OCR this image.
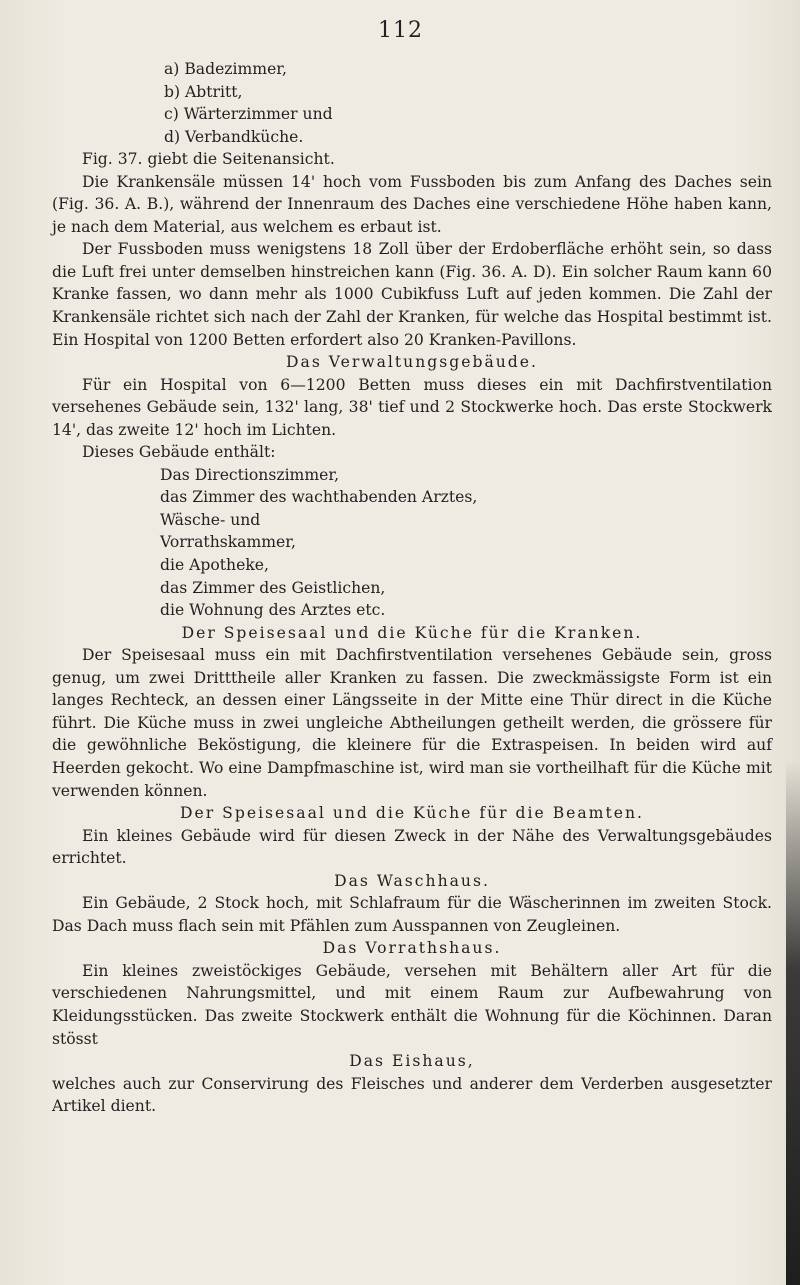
112

a) Badezimmer,

b) Abtritt,

c) Wärterzimmer und

d) Verbandküche.

Fig. 37. giebt die Seitenansicht.

Die Krankensäle müssen 14' hoch vom Fussboden bis zum Anfang des Daches sein (Fig. 36. A. B.), während der Innenraum des Daches eine verschiedene Höhe haben kann, je nach dem Material, aus welchem es erbaut ist.

Der Fussboden muss wenigstens 18 Zoll über der Erdoberfläche erhöht sein, so dass die Luft frei unter demselben hinstreichen kann (Fig. 36. A. D). Ein solcher Raum kann 60 Kranke fassen, wo dann mehr als 1000 Cubikfuss Luft auf jeden kommen. Die Zahl der Krankensäle richtet sich nach der Zahl der Kranken, für welche das Hospital bestimmt ist. Ein Hospital von 1200 Betten erfordert also 20 Kranken-Pavillons.

Das Verwaltungsgebäude.

Für ein Hospital von 6—1200 Betten muss dieses ein mit Dachfirstventilation versehenes Gebäude sein, 132' lang, 38' tief und 2 Stockwerke hoch. Das erste Stockwerk 14', das zweite 12' hoch im Lichten.

Dieses Gebäude enthält:

Das Directionszimmer,

das Zimmer des wachthabenden Arztes,

Wäsche- und

Vorrathskammer,

die Apotheke,

das Zimmer des Geistlichen,

die Wohnung des Arztes etc.

Der Speisesaal und die Küche für die Kranken.

Der Speisesaal muss ein mit Dachfirstventilation versehenes Gebäude sein, gross genug, um zwei Dritttheile aller Kranken zu fassen. Die zweckmässigste Form ist ein langes Rechteck, an dessen einer Längsseite in der Mitte eine Thür direct in die Küche führt. Die Küche muss in zwei ungleiche Abtheilungen getheilt werden, die grössere für die gewöhnliche Beköstigung, die kleinere für die Extraspeisen. In beiden wird auf Heerden gekocht. Wo eine Dampfmaschine ist, wird man sie vortheilhaft für die Küche mit verwenden können.

Der Speisesaal und die Küche für die Beamten.

Ein kleines Gebäude wird für diesen Zweck in der Nähe des Verwaltungsgebäudes errichtet.

Das Waschhaus.

Ein Gebäude, 2 Stock hoch, mit Schlafraum für die Wäscherinnen im zweiten Stock. Das Dach muss flach sein mit Pfählen zum Ausspannen von Zeugleinen.

Das Vorrathshaus.

Ein kleines zweistöckiges Gebäude, versehen mit Behältern aller Art für die verschiedenen Nahrungsmittel, und mit einem Raum zur Aufbewahrung von Kleidungsstücken. Das zweite Stockwerk enthält die Wohnung für die Köchinnen. Daran stösst

Das Eishaus,

welches auch zur Conservirung des Fleisches und anderer dem Verderben ausgesetzter Artikel dient.
